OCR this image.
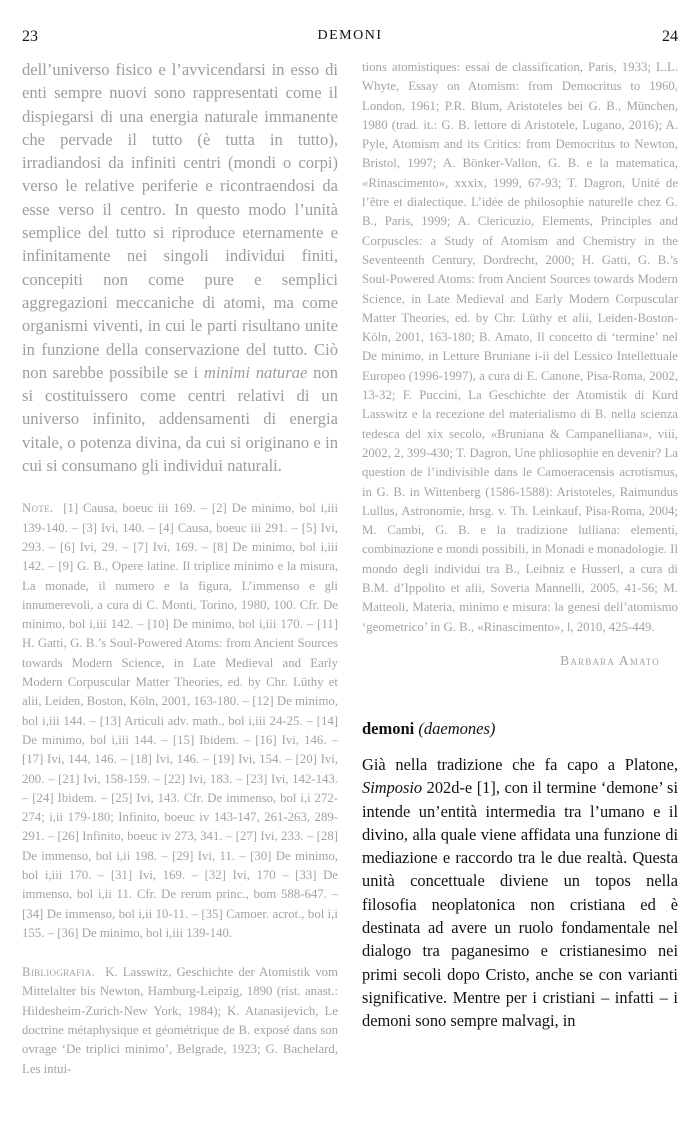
23	DEMONI	24

dell’universo fisico e l’avvicendarsi in esso di enti sempre nuovi sono rappresentati come il dispiegarsi di una energia naturale immanente che pervade il tutto (è tutta in tutto), irradiandosi da infiniti centri (mondi o corpi) verso le relative periferie e ricontraendosi da esse verso il centro. In questo modo l’unità semplice del tutto si riproduce eternamente e infinitamente nei singoli individui finiti, concepiti non come pure e semplici aggregazioni meccaniche di atomi, ma come organismi viventi, in cui le parti risultano unite in funzione della conservazione del tutto. Ciò non sarebbe possibile se i minimi naturae non si costituissero come centri relativi di un universo infinito, addensamenti di energia vitale, o potenza divina, da cui si originano e in cui si consumano gli individui naturali.

Note. [1] Causa, boeuc iii 169. – [2] De minimo, bol i,iii 139-140. – [3] Ivi, 140. – [4] Causa, boeuc iii 291. – [5] Ivi, 293. – [6] Ivi, 29. – [7] Ivi, 169. – [8] De minimo, bol i,iii 142. – [9] G. B., Opere latine. Il triplice minimo e la misura, La monade, il numero e la figura, L’immenso e gli innumerevoli, a cura di C. Monti, Torino, 1980, 100. Cfr. De minimo, bol i,iii 142. – [10] De minimo, bol i,iii 170. – [11] H. Gatti, G. B.’s Soul-Powered Atoms: from Ancient Sources towards Modern Science, in Late Medieval and Early Modern Corpuscular Matter Theories, ed. by Chr. Lüthy et alii, Leiden, Boston, Köln, 2001, 163-180. – [12] De minimo, bol i,iii 144. – [13] Articuli adv. math., bol i,iii 24-25. – [14] De minimo, bol i,iii 144. – [15] Ibidem. – [16] Ivi, 146. – [17] Ivi, 144, 146. – [18] Ivi, 146. – [19] Ivi, 154. – [20] Ivi, 200. – [21] Ivi, 158-159. – [22] Ivi, 183. – [23] Ivi, 142-143. – [24] Ibidem. – [25] Ivi, 143. Cfr. De immenso, bol i,i 272-274; i,ii 179-180; Infinito, boeuc iv 143-147, 261-263, 289-291. – [26] Infinito, boeuc iv 273, 341. – [27] Ivi, 233. – [28] De immenso, bol i,ii 198. – [29] Ivi, 11. – [30] De minimo, bol i,iii 170. – [31] Ivi, 169. – [32] Ivi, 170 – [33] De immenso, bol i,ii 11. Cfr. De rerum princ., bom 588-647. – [34] De immenso, bol i,ii 10-11. – [35] Camoer. acrot., bol i,i 155. – [36] De minimo, bol i,iii 139-140.

Bibliografia. K. Lasswitz, Geschichte der Atomistik vom Mittelalter bis Newton, Hamburg-Leipzig, 1890 (rist. anast.: Hildesheim-Zurich-New York, 1984); K. Atanasijevich, Le doctrine métaphysique et géométrique de B. exposé dans son ovrage ‘De triplici minimo’, Belgrade, 1923; G. Bachelard, Les intui-

tions atomistiques: essai de classification, Paris, 1933; L.L. Whyte, Essay on Atomism: from Democritus to 1960, London, 1961; P.R. Blum, Aristoteles bei G. B., München, 1980 (trad. it.: G. B. lettore di Aristotele, Lugano, 2016); A. Pyle, Atomism and its Critics: from Democritus to Newton, Bristol, 1997; A. Bönker-Vallon, G. B. e la matematica, «Rinascimento», xxxix, 1999, 67-93; T. Dagron, Unité de l’être et dialectique. L’idée de philosophie naturelle chez G. B., Paris, 1999; A. Clericuzio, Elements, Principles and Corpuscles: a Study of Atomism and Chemistry in the Seventeenth Century, Dordrecht, 2000; H. Gatti, G. B.’s Soul-Powered Atoms: from Ancient Sources towards Modern Science, in Late Medieval and Early Modern Corpuscular Matter Theories, ed. by Chr. Lüthy et alii, Leiden-Boston-Köln, 2001, 163-180; B. Amato, Il concetto di ‘termine’ nel De minimo, in Letture Bruniane i-ii del Lessico Intellettuale Europeo (1996-1997), a cura di E. Canone, Pisa-Roma, 2002, 13-32; F. Puccini, La Geschichte der Atomistik di Kurd Lasswitz e la recezione del materialismo di B. nella scienza tedesca del xix secolo, «Bruniana & Campanelliana», viii, 2002, 2, 399-430; T. Dagron, Une phliosophie en devenir? La question de l’indivisible dans le Camoeracensis acrotismus, in G. B. in Wittenberg (1586-1588): Aristoteles, Raimundus Lullus, Astronomie, hrsg. v. Th. Leinkauf, Pisa-Roma, 2004; M. Cambi, G. B. e la tradizione lulliana: elementi, combinazione e mondi possibili, in Monadi e monadologie. Il mondo degli individui tra B., Leibniz e Husserl, a cura di B.M. d’Ippolito et alii, Soveria Mannelli, 2005, 41-56; M. Matteoli, Materia, minimo e misura: la genesi dell’atomismo ‘geometrico’ in G. B., «Rinascimento», l, 2010, 425-449.

Barbara Amato

demoni (daemones)

Già nella tradizione che fa capo a Platone, Simposio 202d-e [1], con il termine ‘demone’ si intende un’entità intermedia tra l’umano e il divino, alla quale viene affidata una funzione di mediazione e raccordo tra le due realtà. Questa unità concettuale diviene un topos nella filosofia neoplatonica non cristiana ed è destinata ad avere un ruolo fondamentale nel dialogo tra paganesimo e cristianesimo nei primi secoli dopo Cristo, anche se con varianti significative. Mentre per i cristiani – infatti – i demoni sono sempre malvagi, in
